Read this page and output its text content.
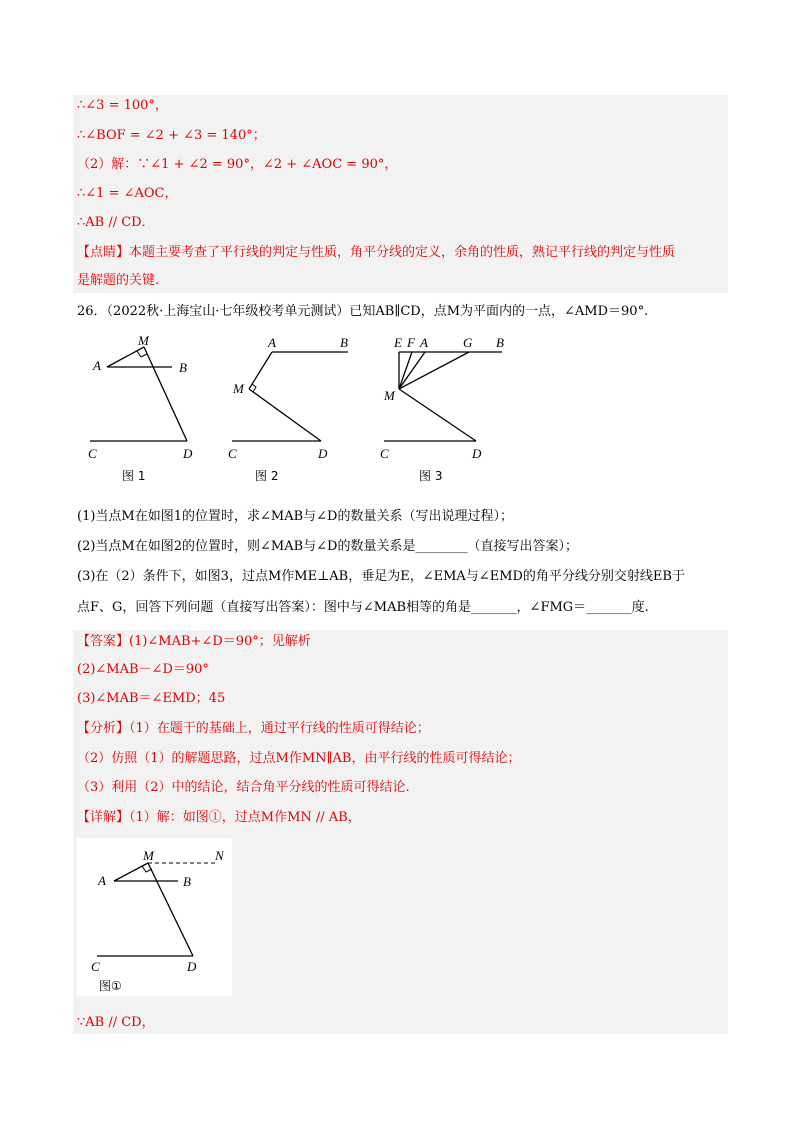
∴∠3 = 100°，
∴∠BOF = ∠2 + ∠3 = 140°；
（2）解：∵∠1 + ∠2 = 90°，∠2 + ∠AOC = 90°，
∴∠1 = ∠AOC，
∴AB // CD．
【点睛】本题主要考查了平行线的判定与性质，角平分线的定义，余角的性质，熟记平行线的判定与性质
是解题的关键.
26．（2022秋·上海宝山·七年级校考单元测试）已知AB∥CD，点M为平面内的一点，∠AMD＝90°.
M
A	B
C	D
图 1
A	B
M
C	D
图 2
E F A	G B
M
C	D
图 3
(1)当点M在如图1的位置时，求∠MAB与∠D的数量关系（写出说理过程）；
(2)当点M在如图2的位置时，则∠MAB与∠D的数量关系是________（直接写出答案）；
(3)在（2）条件下，如图3，过点M作ME⊥AB，垂足为E，∠EMA与∠EMD的角平分线分别交射线EB于
点F、G，回答下列问题（直接写出答案）：图中与∠MAB相等的角是_______，∠FMG＝_______度.
【答案】(1)∠MAB+∠D＝90°；见解析
(2)∠MAB－∠D＝90°
(3)∠MAB＝∠EMD；45
【分析】（1）在题干的基础上，通过平行线的性质可得结论；
（2）仿照（1）的解题思路，过点M作MN∥AB，由平行线的性质可得结论；
（3）利用（2）中的结论，结合角平分线的性质可得结论.
【详解】（1）解：如图①，过点M作MN // AB，
M	N
A	B
C	D
图①
∵AB // CD，
